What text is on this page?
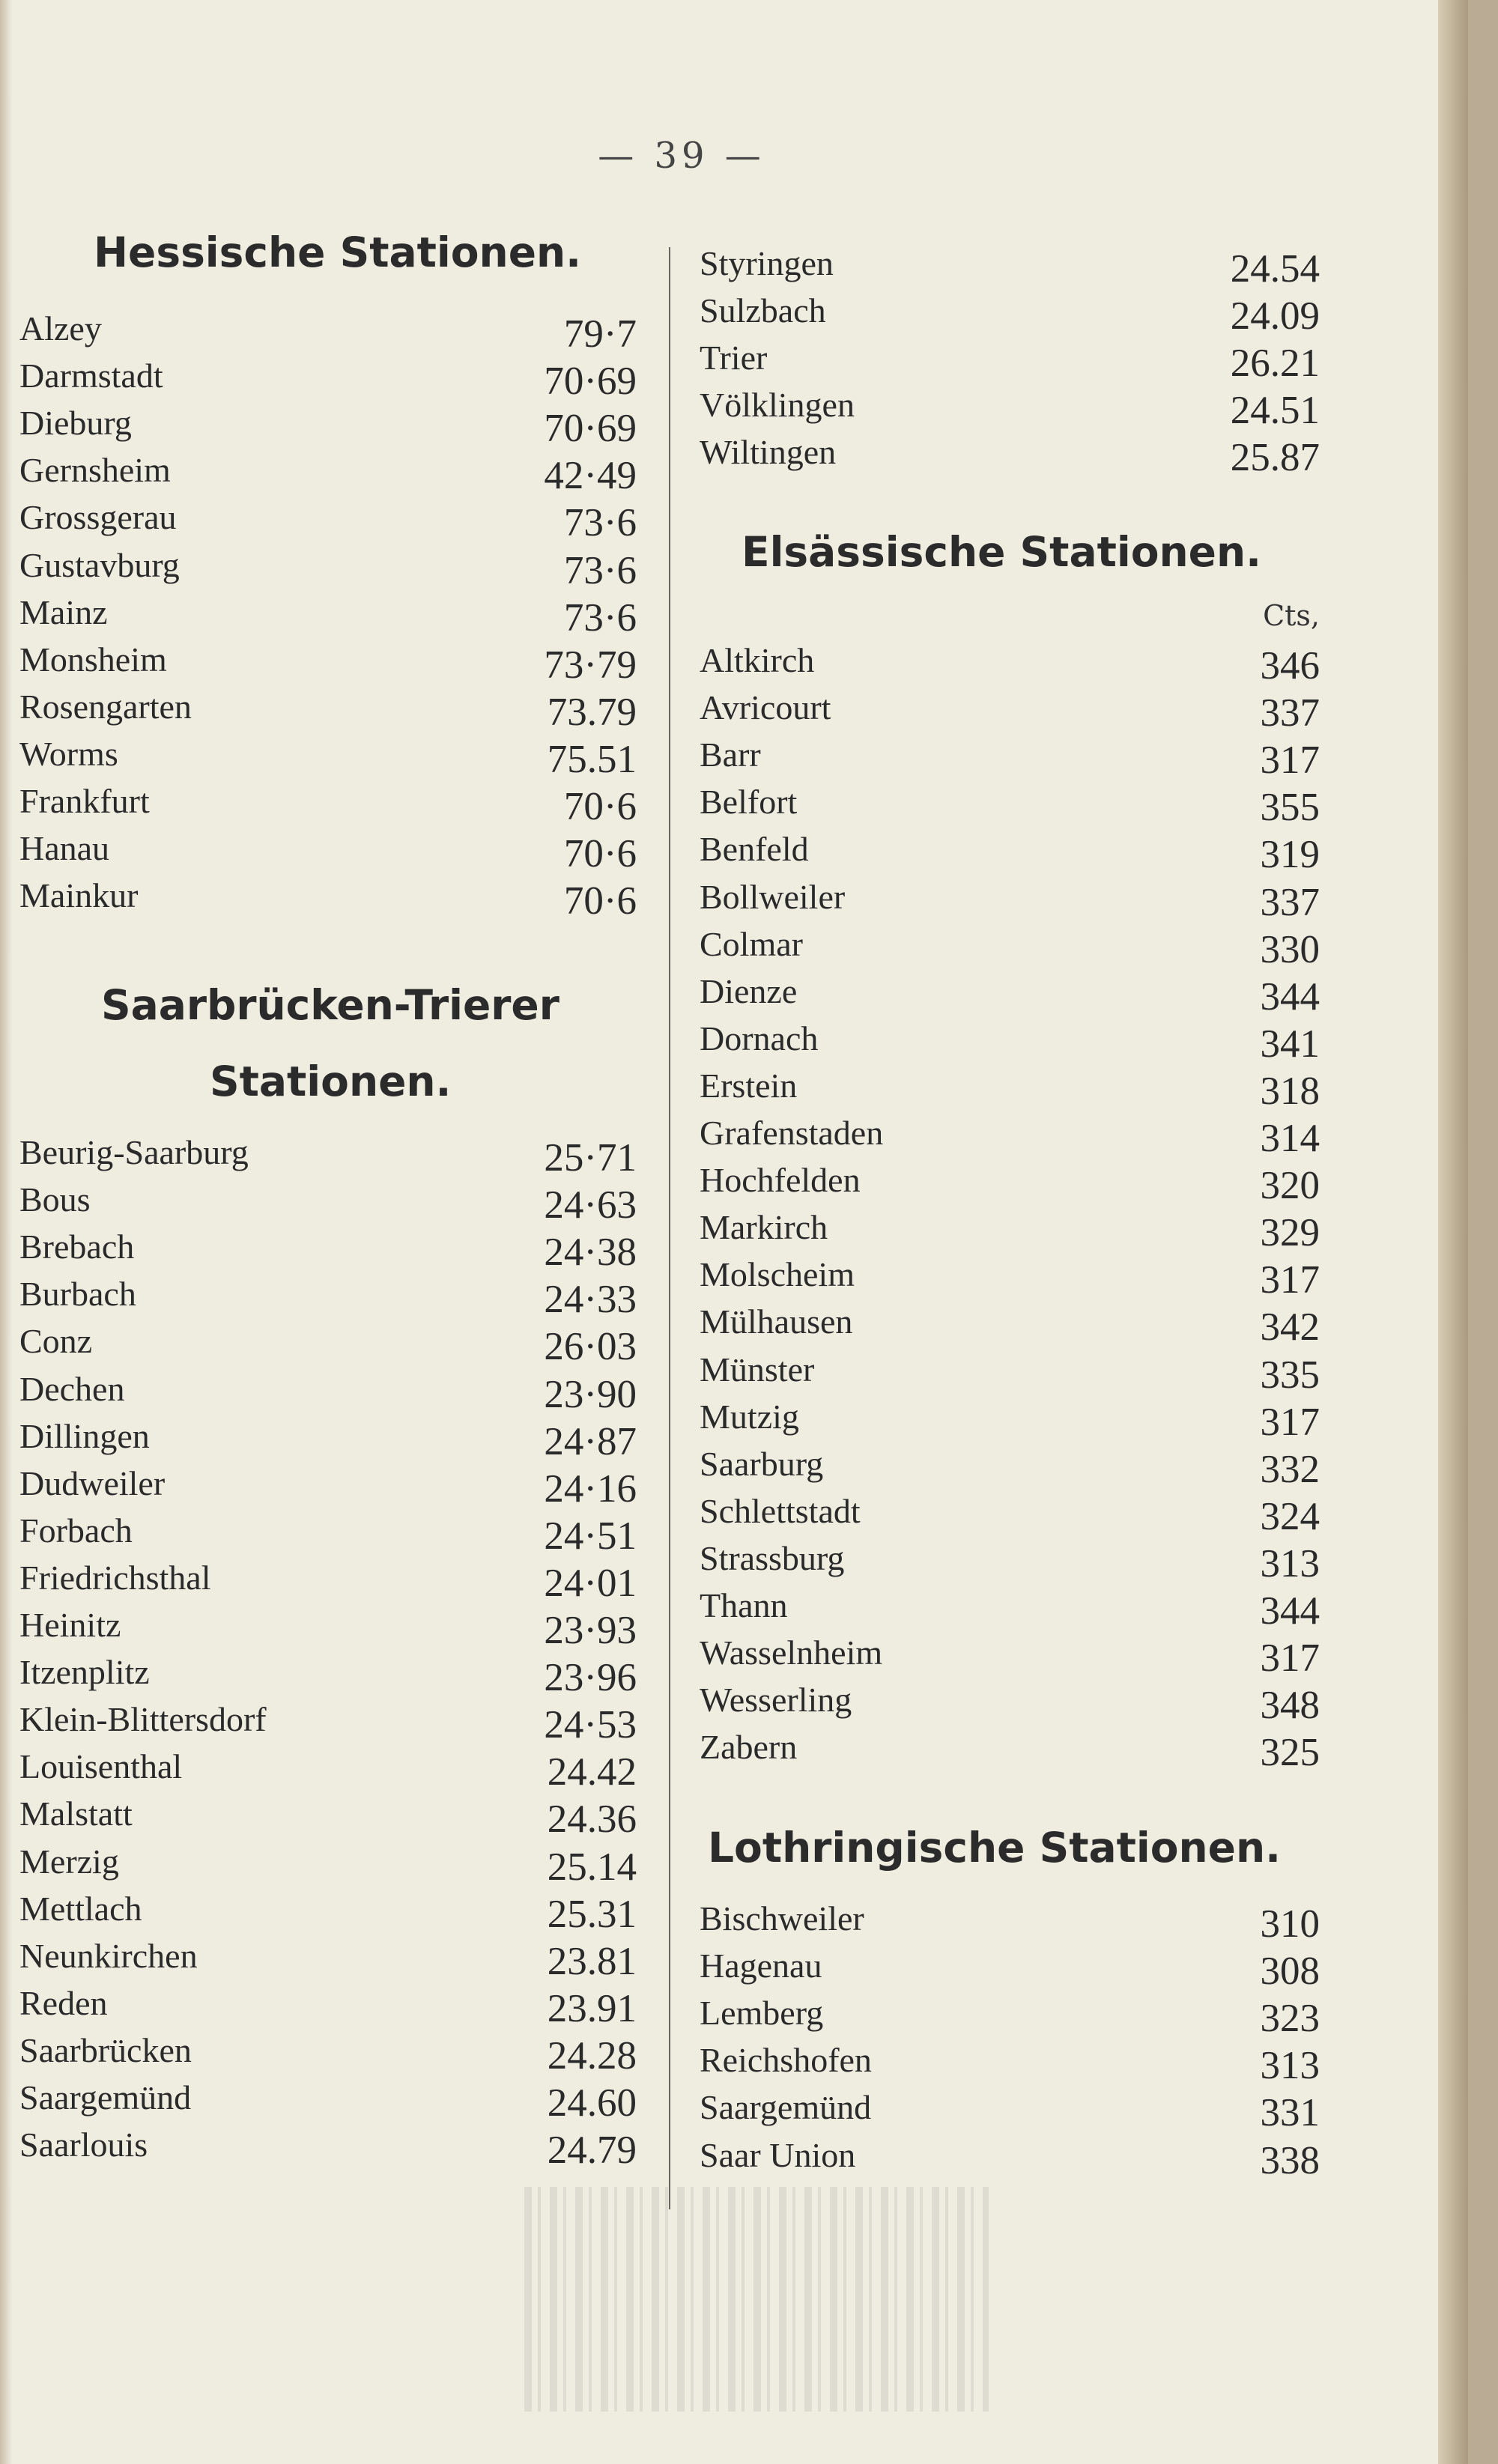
— 39 —
Hessische Stationen.
Alzey	79·7
Darmstadt	70·69
Dieburg	70·69
Gernsheim	42·49
Grossgerau	73·6
Gustavburg	73·6
Mainz	73·6
Monsheim	73·79
Rosengarten	73.79
Worms	75.51
Frankfurt	70·6
Hanau	70·6
Mainkur	70·6
Saarbrücken-Trierer
Stationen.
Beurig-Saarburg	25·71
Bous	24·63
Brebach	24·38
Burbach	24·33
Conz	26·03
Dechen	23·90
Dillingen	24·87
Dudweiler	24·16
Forbach	24·51
Friedrichsthal	24·01
Heinitz	23·93
Itzenplitz	23·96
Klein-Blittersdorf	24·53
Louisenthal	24.42
Malstatt	24.36
Merzig	25.14
Mettlach	25.31
Neunkirchen	23.81
Reden	23.91
Saarbrücken	24.28
Saargemünd	24.60
Saarlouis	24.79
Styringen	24.54
Sulzbach	24.09
Trier	26.21
Völklingen	24.51
Wiltingen	25.87
Elsässische Stationen.
Cts,
Altkirch	346
Avricourt	337
Barr	317
Belfort	355
Benfeld	319
Bollweiler	337
Colmar	330
Dienze	344
Dornach	341
Erstein	318
Grafenstaden	314
Hochfelden	320
Markirch	329
Molscheim	317
Mülhausen	342
Münster	335
Mutzig	317
Saarburg	332
Schlettstadt	324
Strassburg	313
Thann	344
Wasselnheim	317
Wesserling	348
Zabern	325
Lothringische Stationen.
Bischweiler	310
Hagenau	308
Lemberg	323
Reichshofen	313
Saargemünd	331
Saar Union	338
